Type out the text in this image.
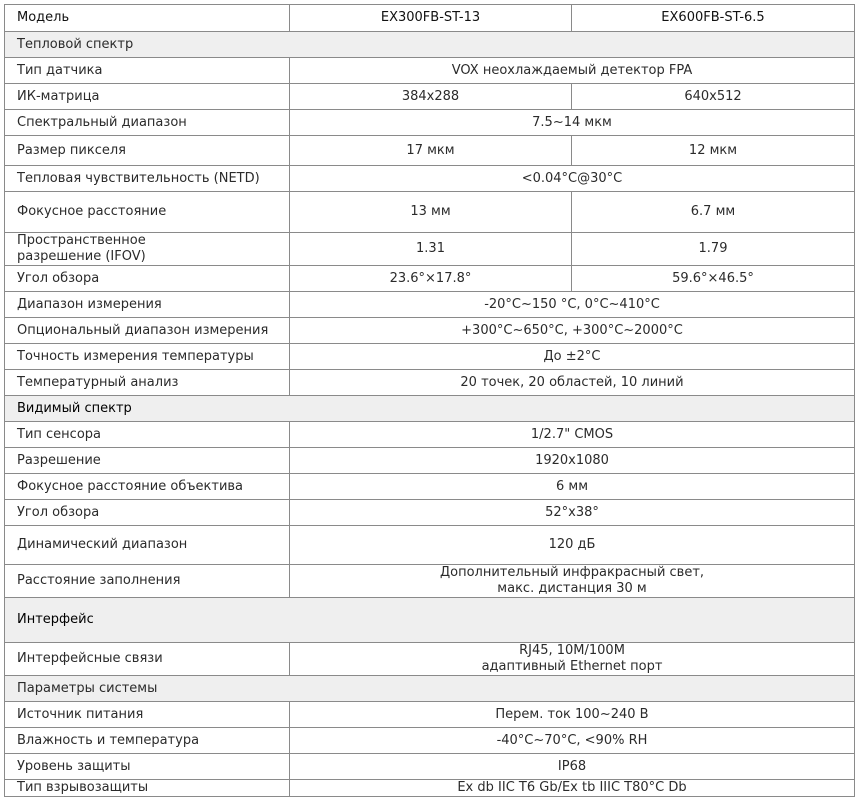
Модель	EX300FB-ST-13	EX600FB-ST-6.5
Тепловой спектр		
Тип датчика	VOX неохлаждаемый детектор FPA	
ИК-матрица	384x288	640x512
Спектральный диапазон	7.5~14 мкм	
Размер пикселя	17 мкм	12 мкм
Тепловая чувствительность (NETD)	<0.04°C@30°C	
Фокусное расстояние	13 мм	6.7 мм
Пространственное
разрешение (IFOV)	1.31	1.79
Угол обзора	23.6°×17.8°	59.6°×46.5°
Диапазон измерения	-20°C~150 °C, 0°C~410°C	
Опциональный диапазон измерения	+300°C~650°C, +300°C~2000°C	
Точность измерения температуры	До ±2°C	
Температурный анализ	20 точек, 20 областей, 10 линий	
Видимый спектр		
Тип сенсора	1/2.7" CMOS	
Разрешение	1920x1080	
Фокусное расстояние объектива	6 мм	
Угол обзора	52°x38°	
Динамический диапазон	120 дБ	
Расстояние заполнения	Дополнительный инфракрасный свет,
макс. дистанция 30 м	
Интерфейс		
Интерфейсные связи	RJ45, 10M/100M
адаптивный Ethernet порт	
Параметры системы		
Источник питания	Перем. ток 100~240 В	
Влажность и температура	-40°C~70°C, <90% RH	
Уровень защиты	IP68	
Тип взрывозащиты	Ex db IIC T6 Gb/Ex tb IIIC T80°C Db	
